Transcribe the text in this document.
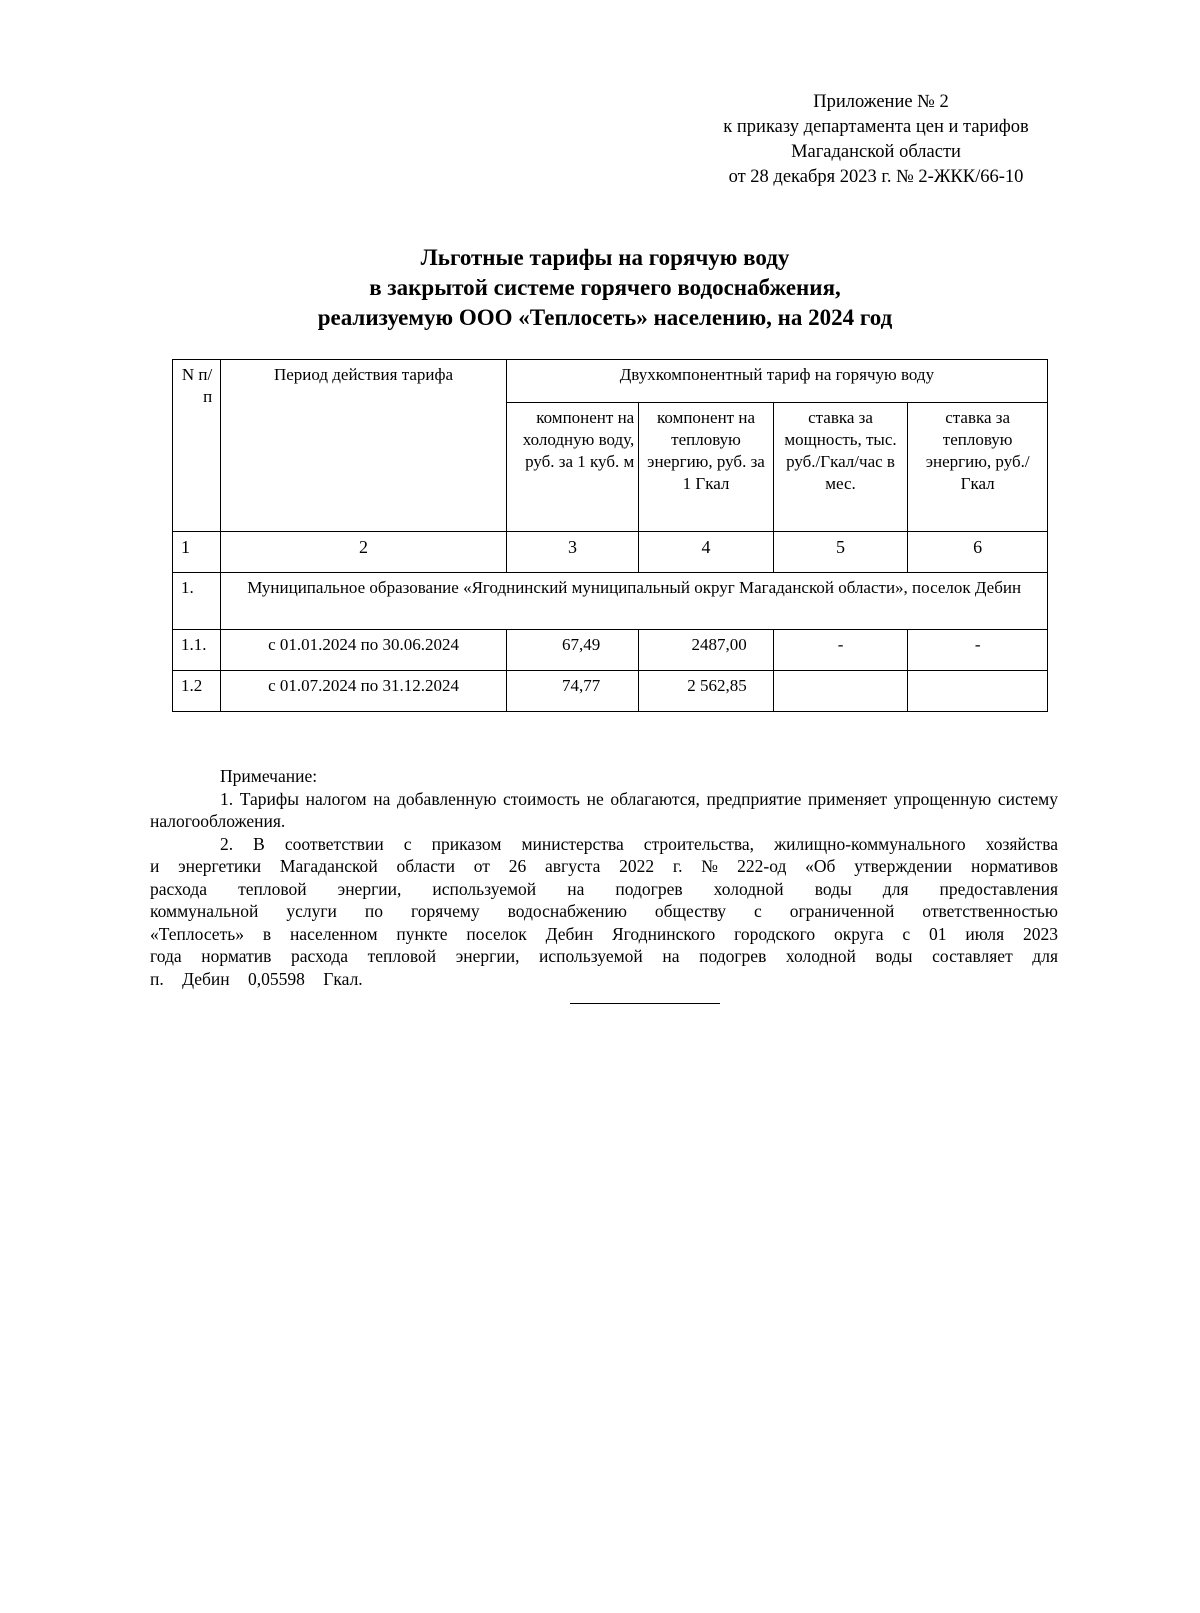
Приложение № 2
к приказу департамента цен и тарифов
Магаданской области
от 28 декабря 2023 г. № 2-ЖКК/66-10
Льготные тарифы на горячую воду
в закрытой системе горячего водоснабжения,
реализуемую ООО «Теплосеть» населению, на 2024 год
N п/п	Период действия тарифа	Двухкомпонентный тариф на горячую воду			
		компонент на холодную воду, руб. за 1 куб. м	компонент на тепловую энергию, руб. за 1 Гкал	ставка за мощность, тыс. руб./Гкал/час в мес.	ставка за тепловую энергию, руб./Гкал
1	2	3	4	5	6
1.	Муниципальное образование «Ягоднинский муниципальный округ Магаданской области», поселок Дебин				
1.1.	с 01.01.2024 по 30.06.2024	67,49	2487,00	-	-
1.2	с 01.07.2024 по 31.12.2024	74,77	2 562,85		
Примечание:

1. Тарифы налогом на добавленную стоимость не облагаются, предприятие применяет упрощенную систему налогообложения.

2. В соответствии с приказом министерства строительства, жилищно-коммунального хозяйства и энергетики Магаданской области от 26 августа 2022 г. № 222-од «Об утверждении нормативов расхода тепловой энергии, используемой на подогрев холодной воды для предоставления коммунальной услуги по горячему водоснабжению обществу с ограниченной ответственностью «Теплосеть» в населенном пункте поселок Дебин Ягоднинского городского округа с 01 июля 2023 года норматив расхода тепловой энергии, используемой на подогрев холодной воды составляет для п. Дебин 0,05598 Гкал.
